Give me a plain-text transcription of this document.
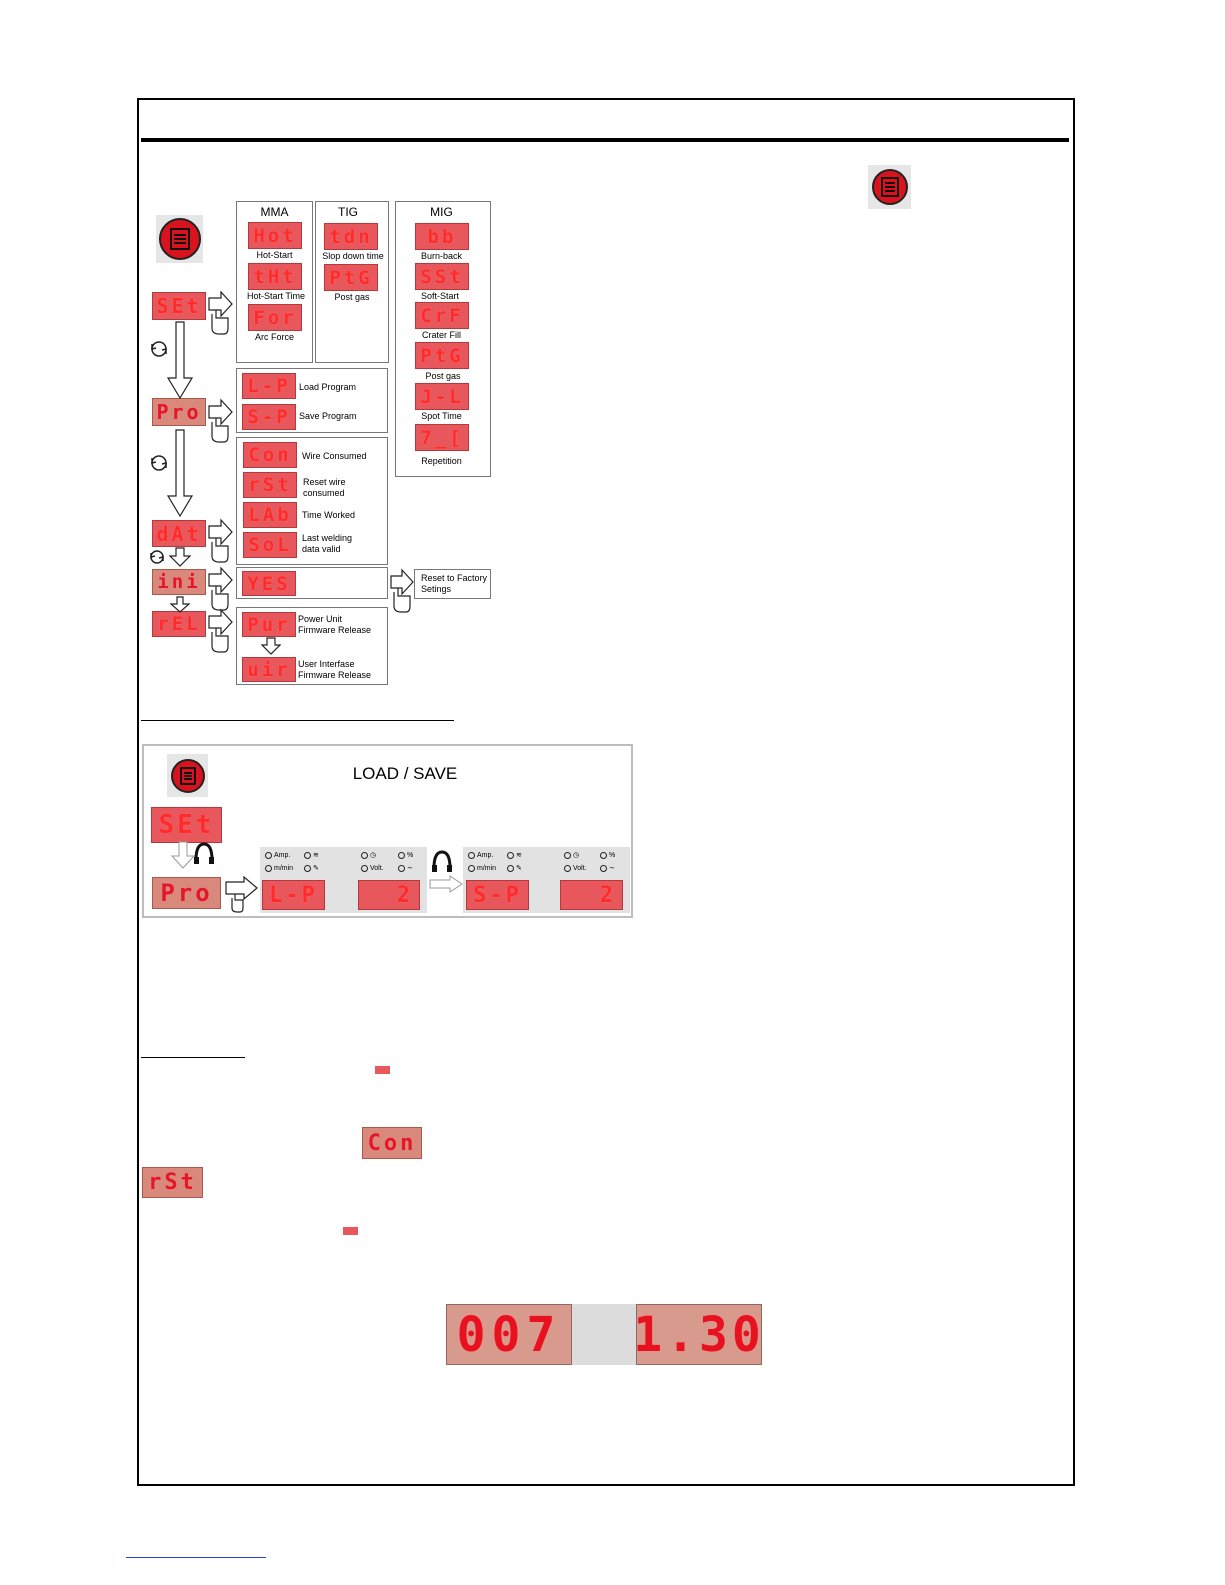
MMA
Hot
Hot-Start
tHt
Hot-Start Time
For
Arc Force
TIG
tdn
Slop down time
PtG
Post gas
MIG
bb
Burn-back
SSt
Soft-Start
CrF
Crater Fill
PtG
Post gas
J-L
Spot Time
7_[
Repetition
SEt
Pro
dAt
ini
rEL
L-P Load Program
S-P Save Program
Con	Wire Consumed
rSt	Reset wire consumed
LAb	Time Worked
SoL	Last welding data valid
YES	Reset to Factory Setings
Pur Power Unit Firmware Release
uir User Interfase Firmware Release
LOAD / SAVE
SEt
Pro
Amp.
m/min
≋
✎
◷
Volt.
%
∼
L-P	2
Amp.
m/min
≋
✎
◷
Volt.
%
∼
S-P	2
Con
rSt
007 1.30
